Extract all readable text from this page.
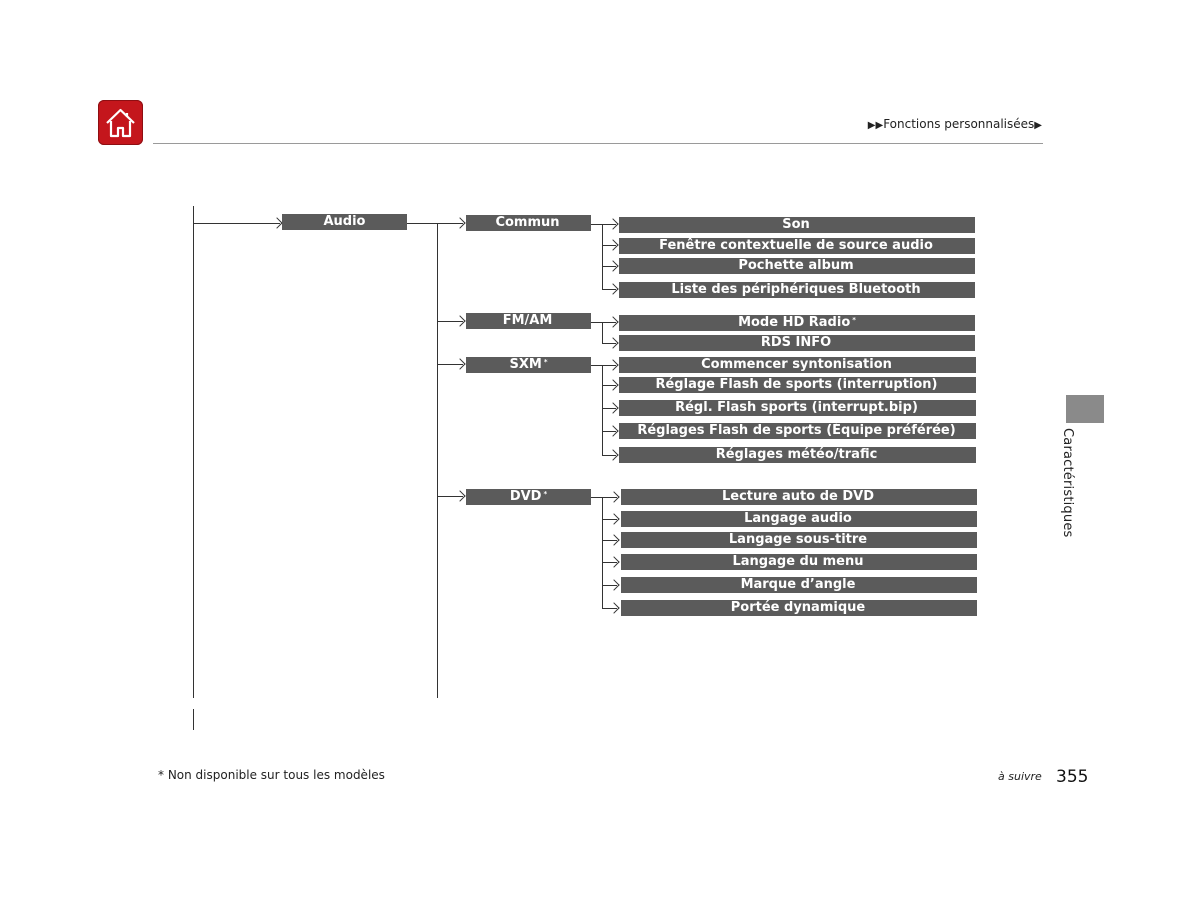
▶▶Fonctions personnalisées▶
Caractéristiques
Audio	Commun
FM/AM
SXM *
DVD *
Son
Fenêtre contextuelle de source audio
Pochette album
Liste des périphériques Bluetooth
Mode HD Radio *
RDS INFO
Commencer syntonisation
Réglage Flash de sports (interruption)
Régl. Flash sports (interrupt.bip)
Réglages Flash de sports (Équipe préférée)
Réglages météo/trafic
Lecture auto de DVD
Langage audio
Langage sous-titre
Langage du menu
Marque d’angle
Portée dynamique
* Non disponible sur tous les modèles	à suivre 355
